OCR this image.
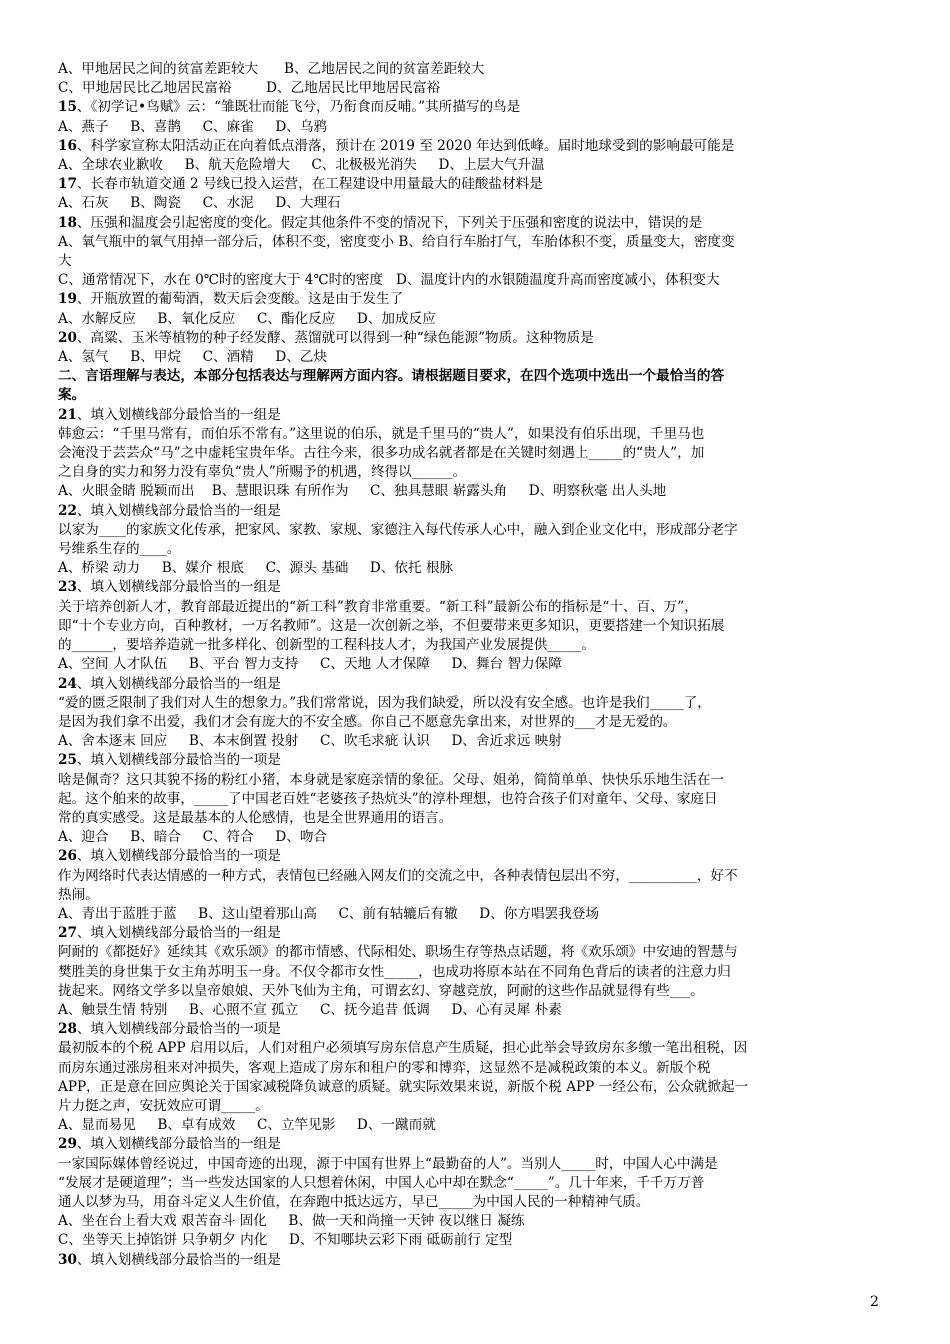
A、甲地居民之间的贫富差距较大      B、乙地居民之间的贫富差距较大

C、甲地居民比乙地居民富裕        D、乙地居民比甲地居民富裕

15、《初学记•鸟赋》云：“雏既壮而能飞兮，乃衔食而反哺。”其所描写的鸟是

A、燕子     B、喜鹊     C、麻雀     D、乌鸦

16、科学家宣称太阳活动正在向着低点滑落，预计在 2019 至 2020 年达到低峰。届时地球受到的影响最可能是

A、全球农业歉收     B、航天危险增大     C、北极极光消失     D、上层大气升温

17、长春市轨道交通 2 号线已投入运营，在工程建设中用量最大的硅酸盐材料是

A、石灰     B、陶瓷     C、水泥     D、大理石

18、压强和温度会引起密度的变化。假定其他条件不变的情况下，下列关于压强和密度的说法中，错误的是

A、氧气瓶中的氧气用掉一部分后，体积不变，密度变小 B、给自行车胎打气，车胎体积不变，质量变大，密度变

大

C、通常情况下，水在 0℃时的密度大于 4℃时的密度   D、温度计内的水银随温度升高而密度减小，体积变大

19、开瓶放置的葡萄酒，数天后会变酸。这是由于发生了

A、水解反应     B、氧化反应     C、酯化反应     D、加成反应

20、高粱、玉米等植物的种子经发酵、蒸馏就可以得到一种“绿色能源”物质。这种物质是

A、氢气     B、甲烷     C、酒精     D、乙炔

二、言语理解与表达，本部分包括表达与理解两方面内容。请根据题目要求，在四个选项中选出一个最恰当的答

案。

21、填入划横线部分最恰当的一组是

韩愈云：“千里马常有，而伯乐不常有。”这里说的伯乐，就是千里马的“贵人”，如果没有伯乐出现，千里马也

会淹没于芸芸众“马”之中虚耗宝贵年华。古往今来，很多功成名就者都是在关键时刻遇上_____的“贵人”，加

之自身的实力和努力没有辜负“贵人”所赐予的机遇，终得以______。

A、火眼金睛 脱颖而出    B、慧眼识珠 有所作为     C、独具慧眼 崭露头角     D、明察秋毫 出人头地

22、填入划横线部分最恰当的一组是

以家为____的家族文化传承，把家风、家教、家规、家德注入每代传承人心中，融入到企业文化中，形成部分老字

号维系生存的____。

A、桥梁 动力     B、媒介 根底     C、源头 基础     D、依托 根脉

23、填入划横线部分最恰当的一组是

关于培养创新人才，教育部最近提出的“新工科”教育非常重要。“新工科”最新公布的指标是“十、百、万”，

即“十个专业方向，百种教材，一万名教师”。这是一次创新之举，不但要带来更多知识，更要搭建一个知识拓展

的______，要培养造就一批多样化、创新型的工程科技人才，为我国产业发展提供_____。

A、空间 人才队伍     B、平台 智力支持     C、天地 人才保障     D、舞台 智力保障

24、填入划横线部分最恰当的一组是

“爱的匮乏限制了我们对人生的想象力。”我们常常说，因为我们缺爱，所以没有安全感。也许是我们_____了，

是因为我们拿不出爱，我们才会有庞大的不安全感。你自己不愿意先拿出来，对世界的___才是无爱的。

A、舍本逐末 回应     B、本末倒置 投射     C、吹毛求疵 认识     D、舍近求远 映射

25、填入划横线部分最恰当的一项是

啥是佩奇？这只其貌不扬的粉红小猪，本身就是家庭亲情的象征。父母、姐弟，简简单单、快快乐乐地生活在一

起。这个舶来的故事，_____了中国老百姓“老婆孩子热炕头”的淳朴理想，也符合孩子们对童年、父母、家庭日

常的真实感受。这是最基本的人伦感情，也是全世界通用的语言。

A、迎合     B、暗合     C、符合     D、吻合

26、填入划横线部分最恰当的一项是

作为网络时代表达情感的一种方式，表情包已经融入网友们的交流之中，各种表情包层出不穷，__________，好不

热闹。

A、青出于蓝胜于蓝     B、这山望着那山高     C、前有轱辘后有辙     D、你方唱罢我登场

27、填入划横线部分最恰当的一组是

阿耐的《都挺好》延续其《欢乐颂》的都市情感、代际相处、职场生存等热点话题，将《欢乐颂》中安迪的智慧与

樊胜美的身世集于女主角苏明玉一身。不仅令都市女性_____，也成功将原本站在不同角色背后的读者的注意力归

拢起来。网络文学多以皇帝娘娘、天外飞仙为主角，可谓玄幻、穿越竞放，阿耐的这些作品就显得有些___。

A、触景生情 特别     B、心照不宣 孤立     C、抚今追昔 低调     D、心有灵犀 朴素

28、填入划横线部分最恰当的一项是

最初版本的个税 APP 启用以后，人们对租户必须填写房东信息产生质疑，担心此举会导致房东多缴一笔出租税，因

而房东通过涨房租来对冲损失，客观上造成了房东和租户的零和博弈，这显然不是减税政策的本义。新版个税

APP，正是意在回应舆论关于国家减税降负诚意的质疑。就实际效果来说，新版个税 APP 一经公布，公众就掀起一

片力挺之声，安抚效应可谓_____。

A、显而易见     B、卓有成效     C、立竿见影     D、一蹴而就

29、填入划横线部分最恰当的一组是

一家国际媒体曾经说过，中国奇迹的出现，源于中国有世界上“最勤奋的人”。当别人_____时，中国人心中满是

“发展才是硬道理”；当一些发达国家的人只想着休闲，中国人心中却在默念“_____”。几十年来，千千万万普

通人以梦为马，用奋斗定义人生价值，在奔跑中抵达远方，早已_____为中国人民的一种精神气质。

A、坐在台上看大戏 艰苦奋斗 固化     B、做一天和尚撞一天钟 夜以继日 凝练

C、坐等天上掉馅饼 只争朝夕 内化     D、不知哪块云彩下雨 砥砺前行 定型

30、填入划横线部分最恰当的一组是

2
